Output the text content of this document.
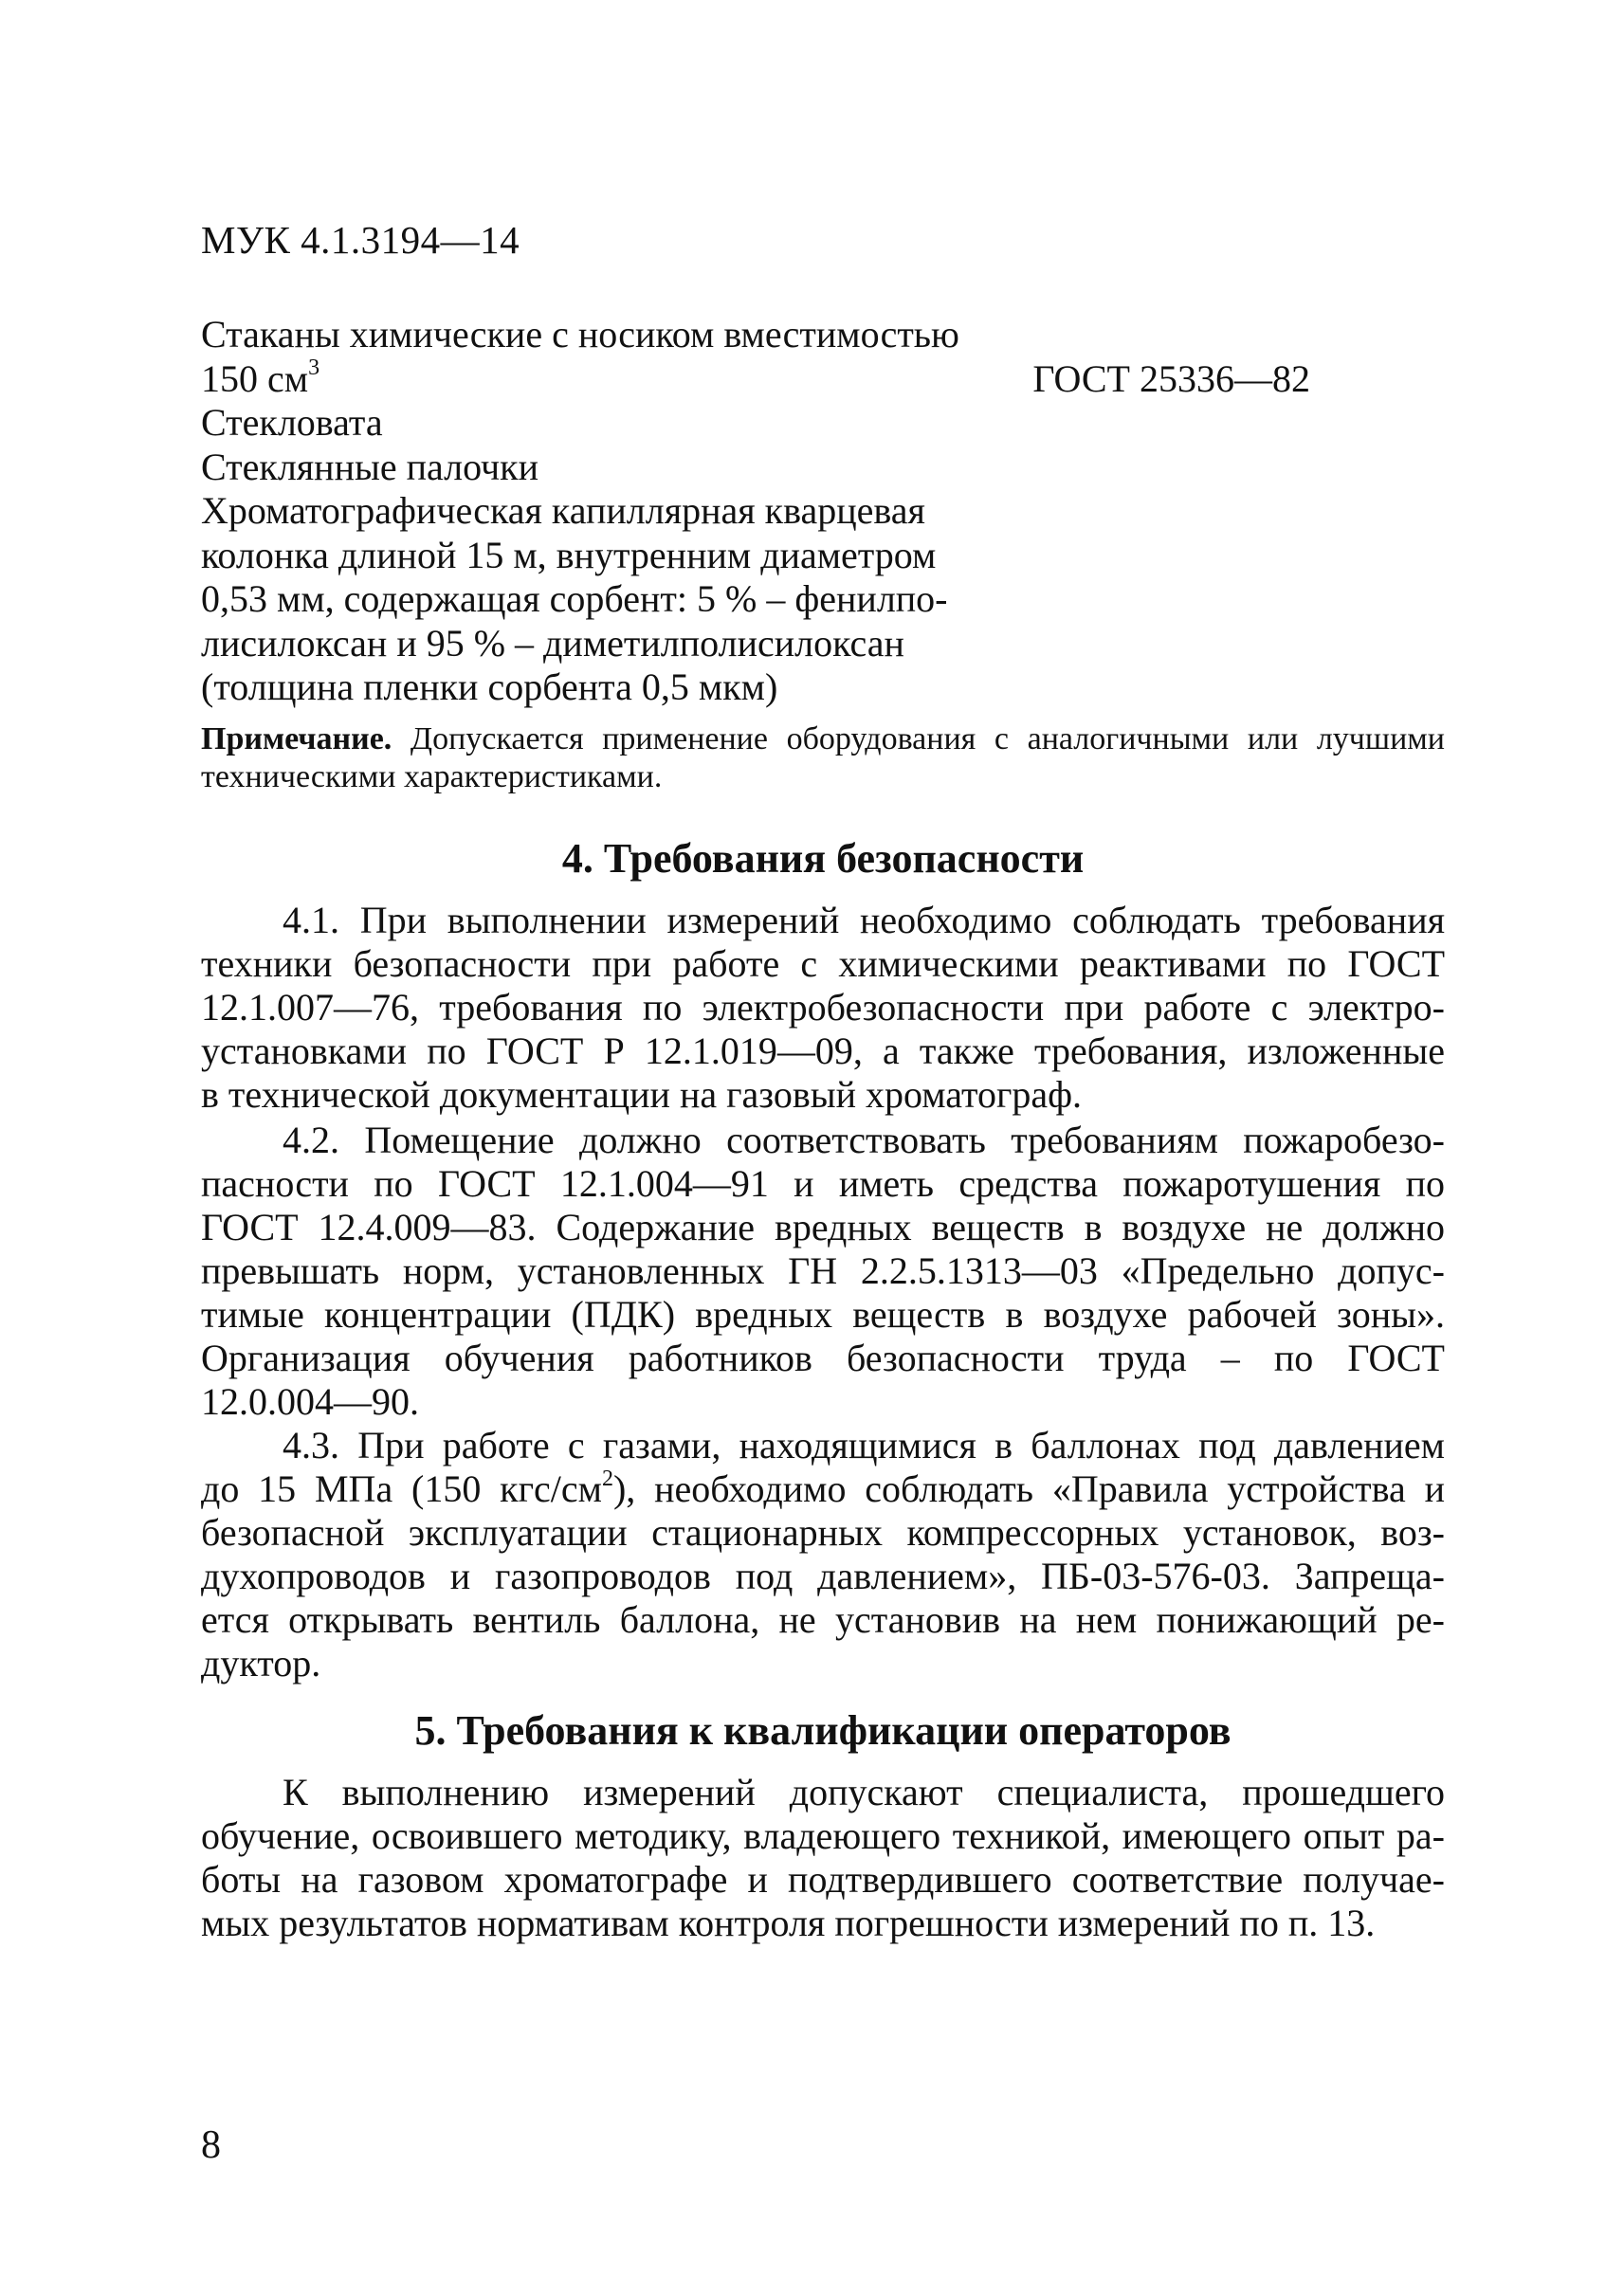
МУК 4.1.3194—14
Стаканы химические с носиком вместимостью
150 $см^3$	ГОСТ 25336—82
Стекловата
Стеклянные палочки
Хроматографическая капиллярная кварцевая
колонка длиной 15 м, внутренним диаметром
0,53 мм, содержащая сорбент: 5 % – фенилпо-
лисилоксан и 95 % – диметилполисилоксан
(толщина пленки сорбента 0,5 мкм)
Примечание. Допускается применение оборудования с аналогичными или лучшими техническими характеристиками.
4. Требования безопасности
4.1. При выполнении измерений необходимо соблюдать требования
техники безопасности при работе с химическими реактивами по ГОСТ
12.1.007—76, требования по электробезопасности при работе с электро-
установками по ГОСТ Р 12.1.019—09, а также требования, изложенные
в технической документации на газовый хроматограф.
4.2. Помещение должно соответствовать требованиям пожаробезо-
пасности по ГОСТ 12.1.004—91 и иметь средства пожаротушения по
ГОСТ 12.4.009—83. Содержание вредных веществ в воздухе не должно
превышать норм, установленных ГН 2.2.5.1313—03 «Предельно допус-
тимые концентрации (ПДК) вредных веществ в воздухе рабочей зоны».
Организация обучения работников безопасности труда – по ГОСТ
12.0.004—90.
4.3. При работе с газами, находящимися в баллонах под давлением
до 15 МПа (150 кгс/$см^2$), необходимо соблюдать «Правила устройства и
безопасной эксплуатации стационарных компрессорных установок, воз-
духопроводов и газопроводов под давлением», ПБ-03-576-03. Запреща-
ется открывать вентиль баллона, не установив на нем понижающий ре-
дуктор.
5. Требования к квалификации операторов
К выполнению измерений допускают специалиста, прошедшего
обучение, освоившего методику, владеющего техникой, имеющего опыт ра-
боты на газовом хроматографе и подтвердившего соответствие получае-
мых результатов нормативам контроля погрешности измерений по п. 13.
8
